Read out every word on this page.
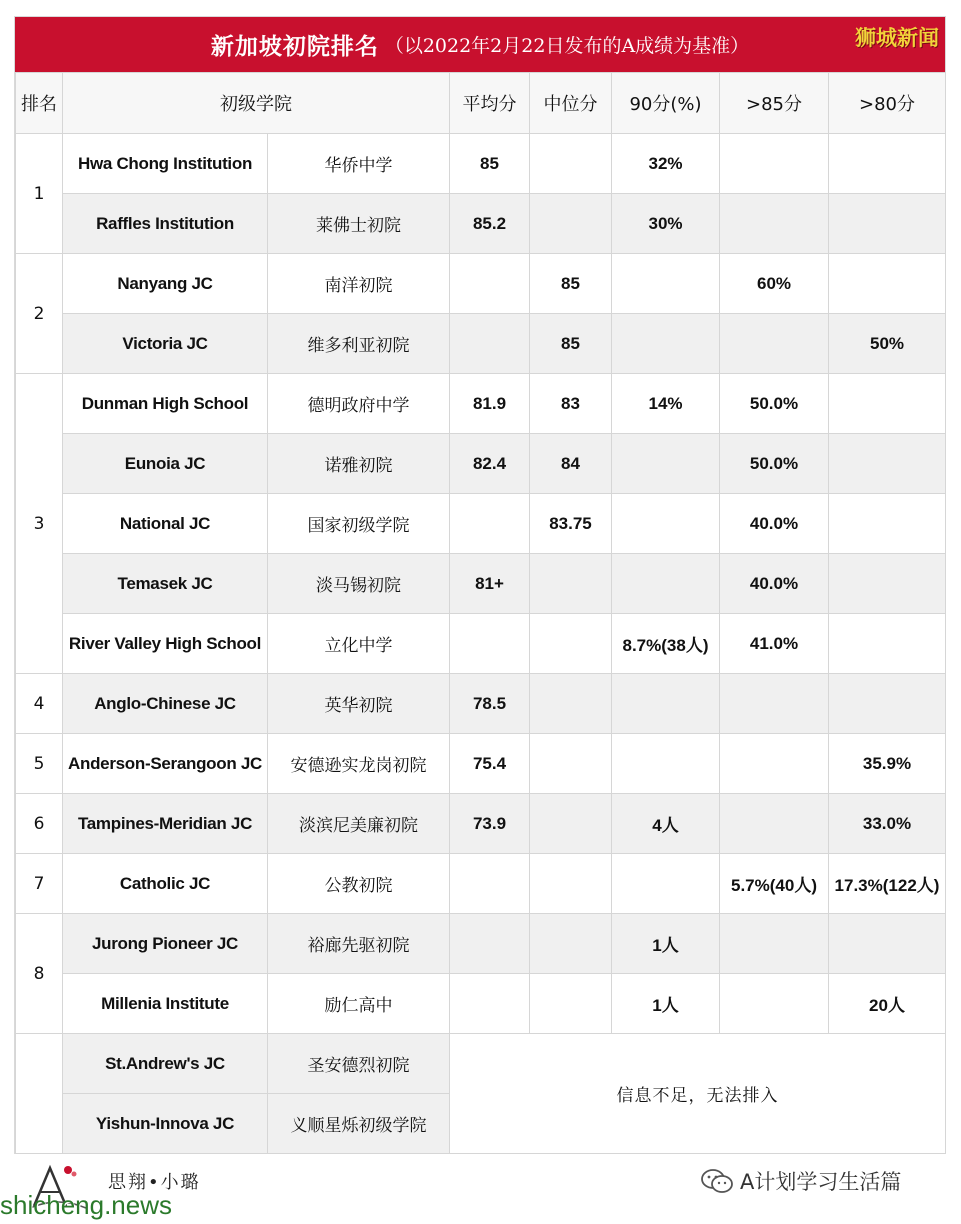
新加坡初院排名 （以2022年2月22日发布的A成绩为基准）	狮城新闻
排名	初级学院		平均分	中位分	90分(%)	>85分	>80分
1	Hwa Chong Institution	华侨中学	85		32%		
	Raffles Institution	莱佛士初院	85.2		30%		
2	Nanyang JC	南洋初院		85		60%	
	Victoria JC	维多利亚初院		85			50%
3	Dunman High School	德明政府中学	81.9	83	14%	50.0%	
	Eunoia JC	诺雅初院	82.4	84		50.0%	
	National JC	国家初级学院		83.75		40.0%	
	Temasek JC	淡马锡初院	81+			40.0%	
	River Valley High School	立化中学			8.7%(38人)	41.0%	
4	Anglo-Chinese JC	英华初院	78.5				
5	Anderson-Serangoon JC	安德逊实龙岗初院	75.4				35.9%
6	Tampines-Meridian JC	淡滨尼美廉初院	73.9		4人		33.0%
7	Catholic JC	公教初院				5.7%(40人)	17.3%(122人)
8	Jurong Pioneer JC	裕廊先驱初院			1人		
	Millenia Institute	励仁高中			1人		20人
	St.Andrew's JC	圣安德烈初院	信息不足，无法排入				
	Yishun-Innova JC	义顺星烁初级学院					
思翔•小璐
shicheng.news
A计划学习生活篇
